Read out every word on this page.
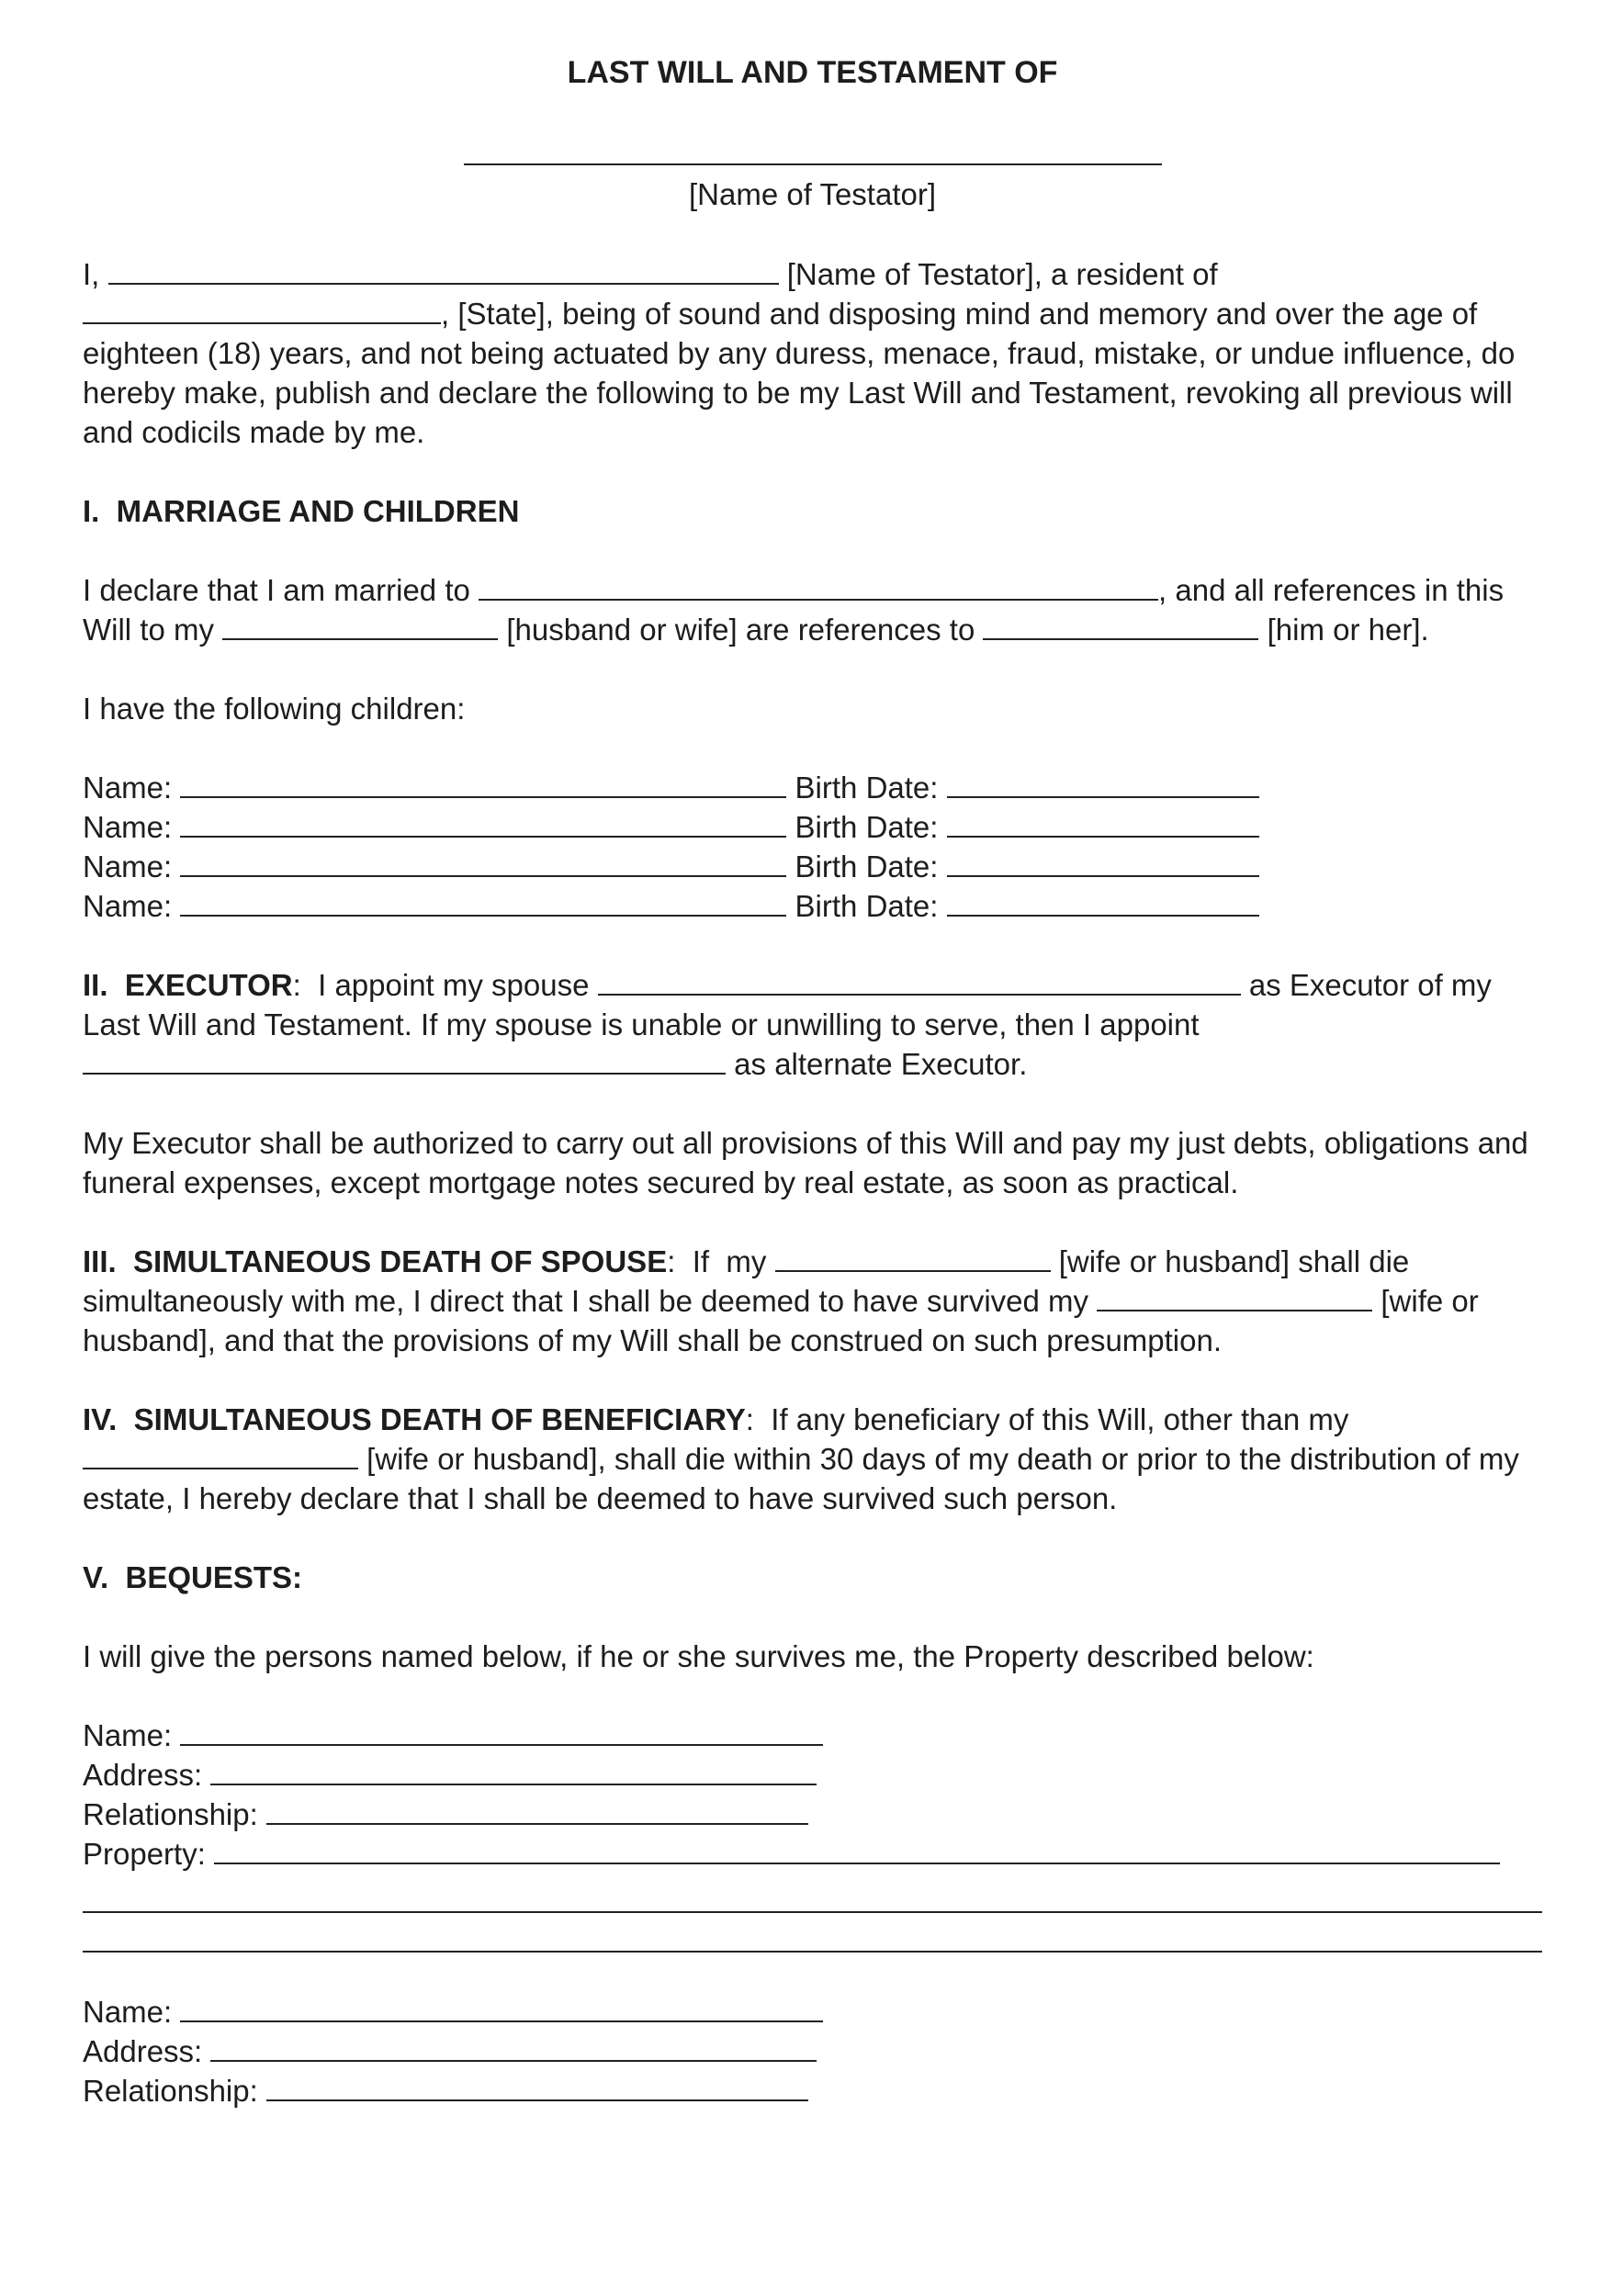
LAST WILL AND TESTAMENT OF

[Name of Testator]

I,	[Name of Testator], a resident of , [State], being of sound and disposing mind and memory and over the age of eighteen (18) years, and not being actuated by any duress, menace, fraud, mistake, or undue influence, do hereby make, publish and declare the following to be my Last Will and Testament, revoking all previous will and codicils made by me.

I.  MARRIAGE AND CHILDREN

I declare that I am married to	, and all references in this Will to my	[husband or wife] are references to	[him or her].

I have the following children:

Name:	Birth Date:
Name:	Birth Date:
Name:	Birth Date:
Name:	Birth Date:

II.  EXECUTOR:  I appoint my spouse	as Executor of my Last Will and Testament. If my spouse is unable or unwilling to serve, then I appoint  as alternate Executor.

My Executor shall be authorized to carry out all provisions of this Will and pay my just debts, obligations and funeral expenses, except mortgage notes secured by real estate, as soon as practical.

III.  SIMULTANEOUS DEATH OF SPOUSE:  If  my	[wife or husband] shall die simultaneously with me, I direct that I shall be deemed to have survived my	[wife or husband], and that the provisions of my Will shall be construed on such presumption.

IV.  SIMULTANEOUS DEATH OF BENEFICIARY:  If any beneficiary of this Will, other than my  [wife or husband], shall die within 30 days of my death or prior to the distribution of my estate, I hereby declare that I shall be deemed to have survived such person.

V.  BEQUESTS:

I will give the persons named below, if he or she survives me, the Property described below:

Name:
Address:
Relationship:
Property:
Name:
Address:
Relationship:
